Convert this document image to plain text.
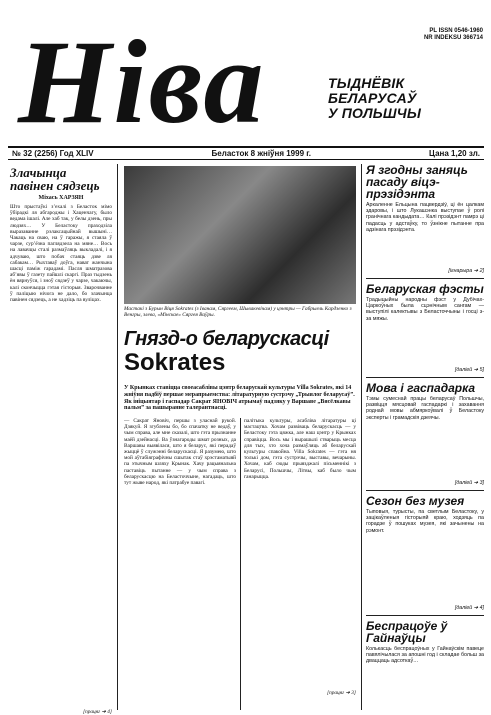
Ніва	PL ISSN 0546-1960
NR INDEKSU 366714
ТЫДНЁВІК
БЕЛАРУСАЎ
У ПОЛЬШЧЫ
№ 32 (2256) Год XLIV	Беласток 8 жніўня 1999 г.	Цана 1,20 зл.
Злачынца павінен сядзець
Міхась ХАРЗЯН
Што прыстаўкі з’ехалі з Беласток мімо ўбірадкі ля абгароджы і Хаценчагу, было ведама ішалі. Але хаб так, у белы дзень, пры людзях… У Беластоку праходзіла выразаванне рэлаксацыйнай вышыні… Чакаць на сваю, на ў гаражы, я стаяла ў чарзе, сур’ёзна паглядзела на мяне… Вось на лавачцы сталі размаўляць выкладалі, і я адчуваю, што побач стаяць дзве ля сабакам… Рыхтаваў доўга, нават жанчына шасці паміж гарадамі. Пасля шматразова аб’явы ў газету пайшлі скаргі. Праз тыдзень ён вярнуўся, і зноў сядзеў у чарзе, чакаючы, калі скончыцца гэтая гісторыя. Зварочванне ў паліцыю нічога не дало, бо злачынца павінен сядзець, а не хадзіць па вуліцах.
[працяг ➔ 4]
Мастакі з Бурын Віця Sokrates (з Іванам, Сяргеем, Шывакевічам) у цэнтры — Габрыель Кардзенко з Венгры, злева, «Мінскае» Сяргея Ваўры.
Гнязд-о беларускасці
Sokrates
У Крынках ставiцца своеасаблiвы цэнтр беларускай культуры Villa Sokrates, які 14 жніўня падбіў першае мерапрыемства: літаратурную сустрэчу „Трыялог беларусаў”. Як ініцыятар і гаспадар Сакрат ЯНОВІЧ атрымаў падзяку у Варшаве „Вясёлкавы пальм” за пашыранне талерантнасці.
— Сакрат Яновіч, першы з уласнай рукой. Дзякуй. Я згублены бо, бо спачатку не ведаў, у чым справа, але мне сказалі, што гэта прызнанне маёй дзейнасці. Ва ўзнагароды шмат розных, да Варшавы выявілася, што я беларус, які перадаў жыццё ў служэнні беларускасці. Я разумею, што мой аўтабіяграфічны сшытак стаў хрэстаматыяй па этычным шляху Крынак. Хачу рацыянальна паставіць пытанне — у чым справа з беларускасцю на Беласточчыне, нагадаць, што тут жыве народ, які патрабуе павагі.
палітыка культуры, асабліва літаратуры ці мастацтва. Хочам развіваць беларускасць — у Беластоку гэта цяжка, але наш цэнтр у Крынках справіцца. Вось мы і вырашылі стварыць месца для тых, хто хоча размаўляць аб беларускай культуры спакойна. Villa Sokrates — гэта ня толькі дом, гэта сустрэчы, выставы, вечарыны. Хочам, каб сюды прыязджалі пісьменнікі з Беларусі, Польшчы, Літвы, каб было чым ганарыцца.
[працяг ➔ 3]
Я згодны заняць пасаду віцэ-прэзідэнта
Аркаленне Ельцына пацвердзіў, ці ён цалкам здаровы, і што Лукашэнка выступае ў ролі гранічнага кандыдата… Калі прэзідэнт памрэ ці падасць у адстаўку, то ўзнікне пытанне пра адзінага прэзідэнта.
[ігнарыра ➔ 2]
Беларуская фэсты
Традыцыйны народны фэст у Дубічах-Царкоўных была сцэнічным сангам — выступілі калектывы з Беласточчыны і госці з-за мяжы.
[даліей ➔ 5]
Мова і гаспадарка
Тэмы сумеснай працы беларусаў Польшчы, развіцця мясцовай гаспадаркі і захавання роднай мовы абмяркоўвалі ў Беластоку эксперты і грамадскія дзеячы.
[даліей ➔ 3]
Сезон без музея
Тыповыя, турысты, па светлым Беластоку, у зацікаўленыя гісторыяй краю, ходзяць па горадзе ў пошуках музея, які зачынены на рэмонт.
[даліей ➔ 4]
Беспрацоўе ў Гайнаўцы
Колькасць беспрацоўных у Гайнаўскім павеце павялічылася за апошні год і складае больш за дваццаць адсоткаў…
